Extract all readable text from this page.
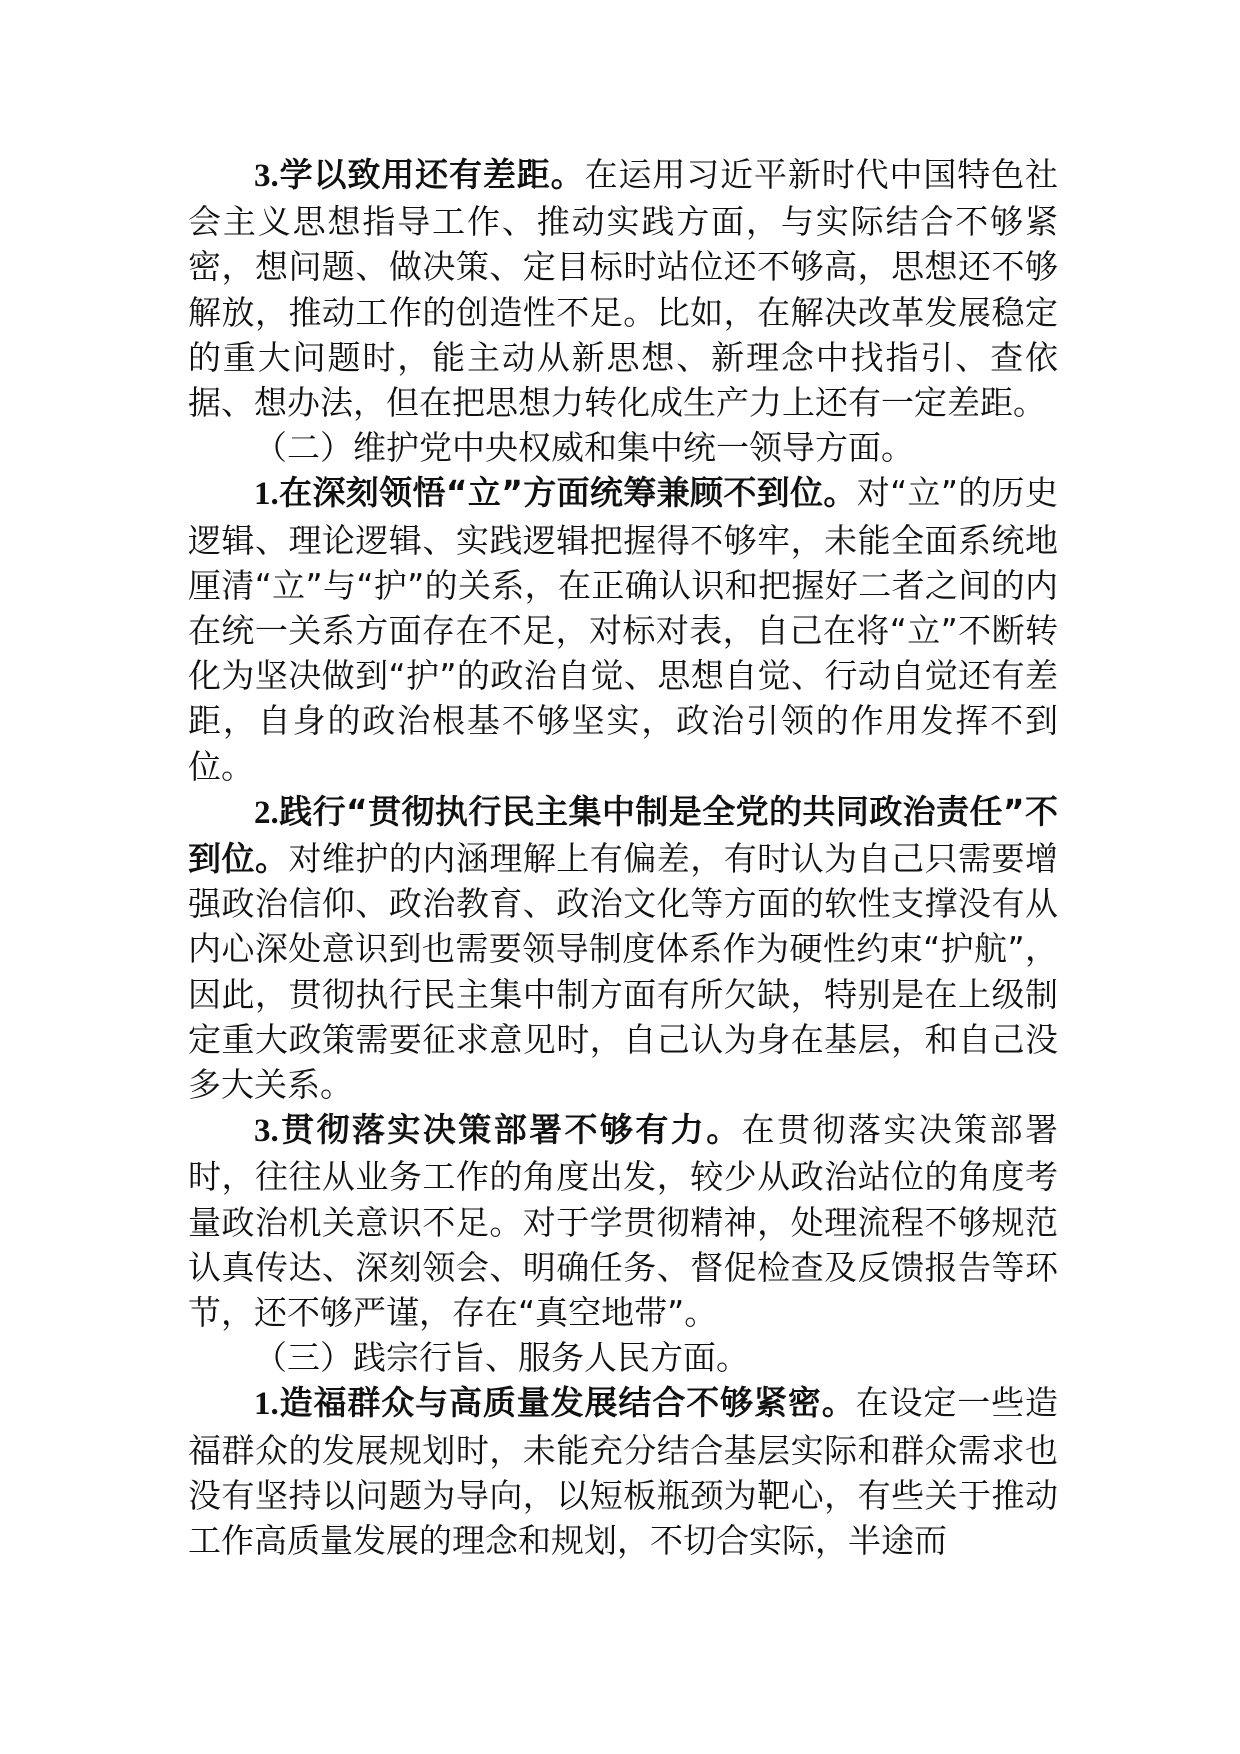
3.学以致用还有差距。在运用习近平新时代中国特色社会主义思想指导工作、推动实践方面，与实际结合不够紧密，想问题、做决策、定目标时站位还不够高，思想还不够解放，推动工作的创造性不足。比如，在解决改革发展稳定的重大问题时，能主动从新思想、新理念中找指引、查依据、想办法，但在把思想力转化成生产力上还有一定差距。

（二）维护党中央权威和集中统一领导方面。

1.在深刻领悟“立”方面统筹兼顾不到位。对“立”的历史逻辑、理论逻辑、实践逻辑把握得不够牢，未能全面系统地厘清“立”与“护”的关系，在正确认识和把握好二者之间的内在统一关系方面存在不足，对标对表，自己在将“立”不断转化为坚决做到“护”的政治自觉、思想自觉、行动自觉还有差距，自身的政治根基不够坚实，政治引领的作用发挥不到位。

2.践行“贯彻执行民主集中制是全党的共同政治责任”不到位。对维护的内涵理解上有偏差，有时认为自己只需要增强政治信仰、政治教育、政治文化等方面的软性支撑没有从内心深处意识到也需要领导制度体系作为硬性约束“护航”，因此，贯彻执行民主集中制方面有所欠缺，特别是在上级制定重大政策需要征求意见时，自己认为身在基层，和自己没多大关系。

3.贯彻落实决策部署不够有力。在贯彻落实决策部署时，往往从业务工作的角度出发，较少从政治站位的角度考量政治机关意识不足。对于学贯彻精神，处理流程不够规范认真传达、深刻领会、明确任务、督促检查及反馈报告等环节，还不够严谨，存在“真空地带”。

（三）践宗行旨、服务人民方面。

1.造福群众与高质量发展结合不够紧密。在设定一些造福群众的发展规划时，未能充分结合基层实际和群众需求也没有坚持以问题为导向，以短板瓶颈为靶心，有些关于推动工作高质量发展的理念和规划，不切合实际，半途而
